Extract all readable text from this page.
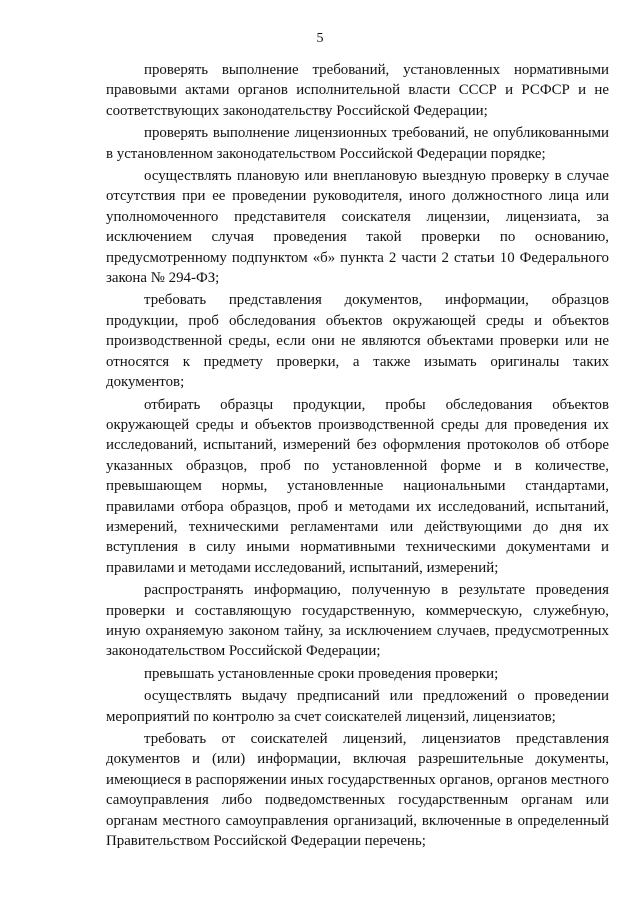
5

проверять выполнение требований, установленных нормативными правовыми актами органов исполнительной власти СССР и РСФСР и не соответствующих законодательству Российской Федерации;

проверять выполнение лицензионных требований, не опубликованными в установленном законодательством Российской Федерации порядке;

осуществлять плановую или внеплановую выездную проверку в случае отсутствия при ее проведении руководителя, иного должностного лица или уполномоченного представителя соискателя лицензии, лицензиата, за исключением случая проведения такой проверки по основанию, предусмотренному подпунктом «б» пункта 2 части 2 статьи 10 Федерального закона № 294-ФЗ;

требовать представления документов, информации, образцов продукции, проб обследования объектов окружающей среды и объектов производственной среды, если они не являются объектами проверки или не относятся к предмету проверки, а также изымать оригиналы таких документов;

отбирать образцы продукции, пробы обследования объектов окружающей среды и объектов производственной среды для проведения их исследований, испытаний, измерений без оформления протоколов об отборе указанных образцов, проб по установленной форме и в количестве, превышающем нормы, установленные национальными стандартами, правилами отбора образцов, проб и методами их исследований, испытаний, измерений, техническими регламентами или действующими до дня их вступления в силу иными нормативными техническими документами и правилами и методами исследований, испытаний, измерений;

распространять информацию, полученную в результате проведения проверки и составляющую государственную, коммерческую, служебную, иную охраняемую законом тайну, за исключением случаев, предусмотренных законодательством Российской Федерации;

превышать установленные сроки проведения проверки;

осуществлять выдачу предписаний или предложений о проведении мероприятий по контролю за счет соискателей лицензий, лицензиатов;

требовать от соискателей лицензий, лицензиатов представления документов и (или) информации, включая разрешительные документы, имеющиеся в распоряжении иных государственных органов, органов местного самоуправления либо подведомственных государственным органам или органам местного самоуправления организаций, включенные в определенный Правительством Российской Федерации перечень;
